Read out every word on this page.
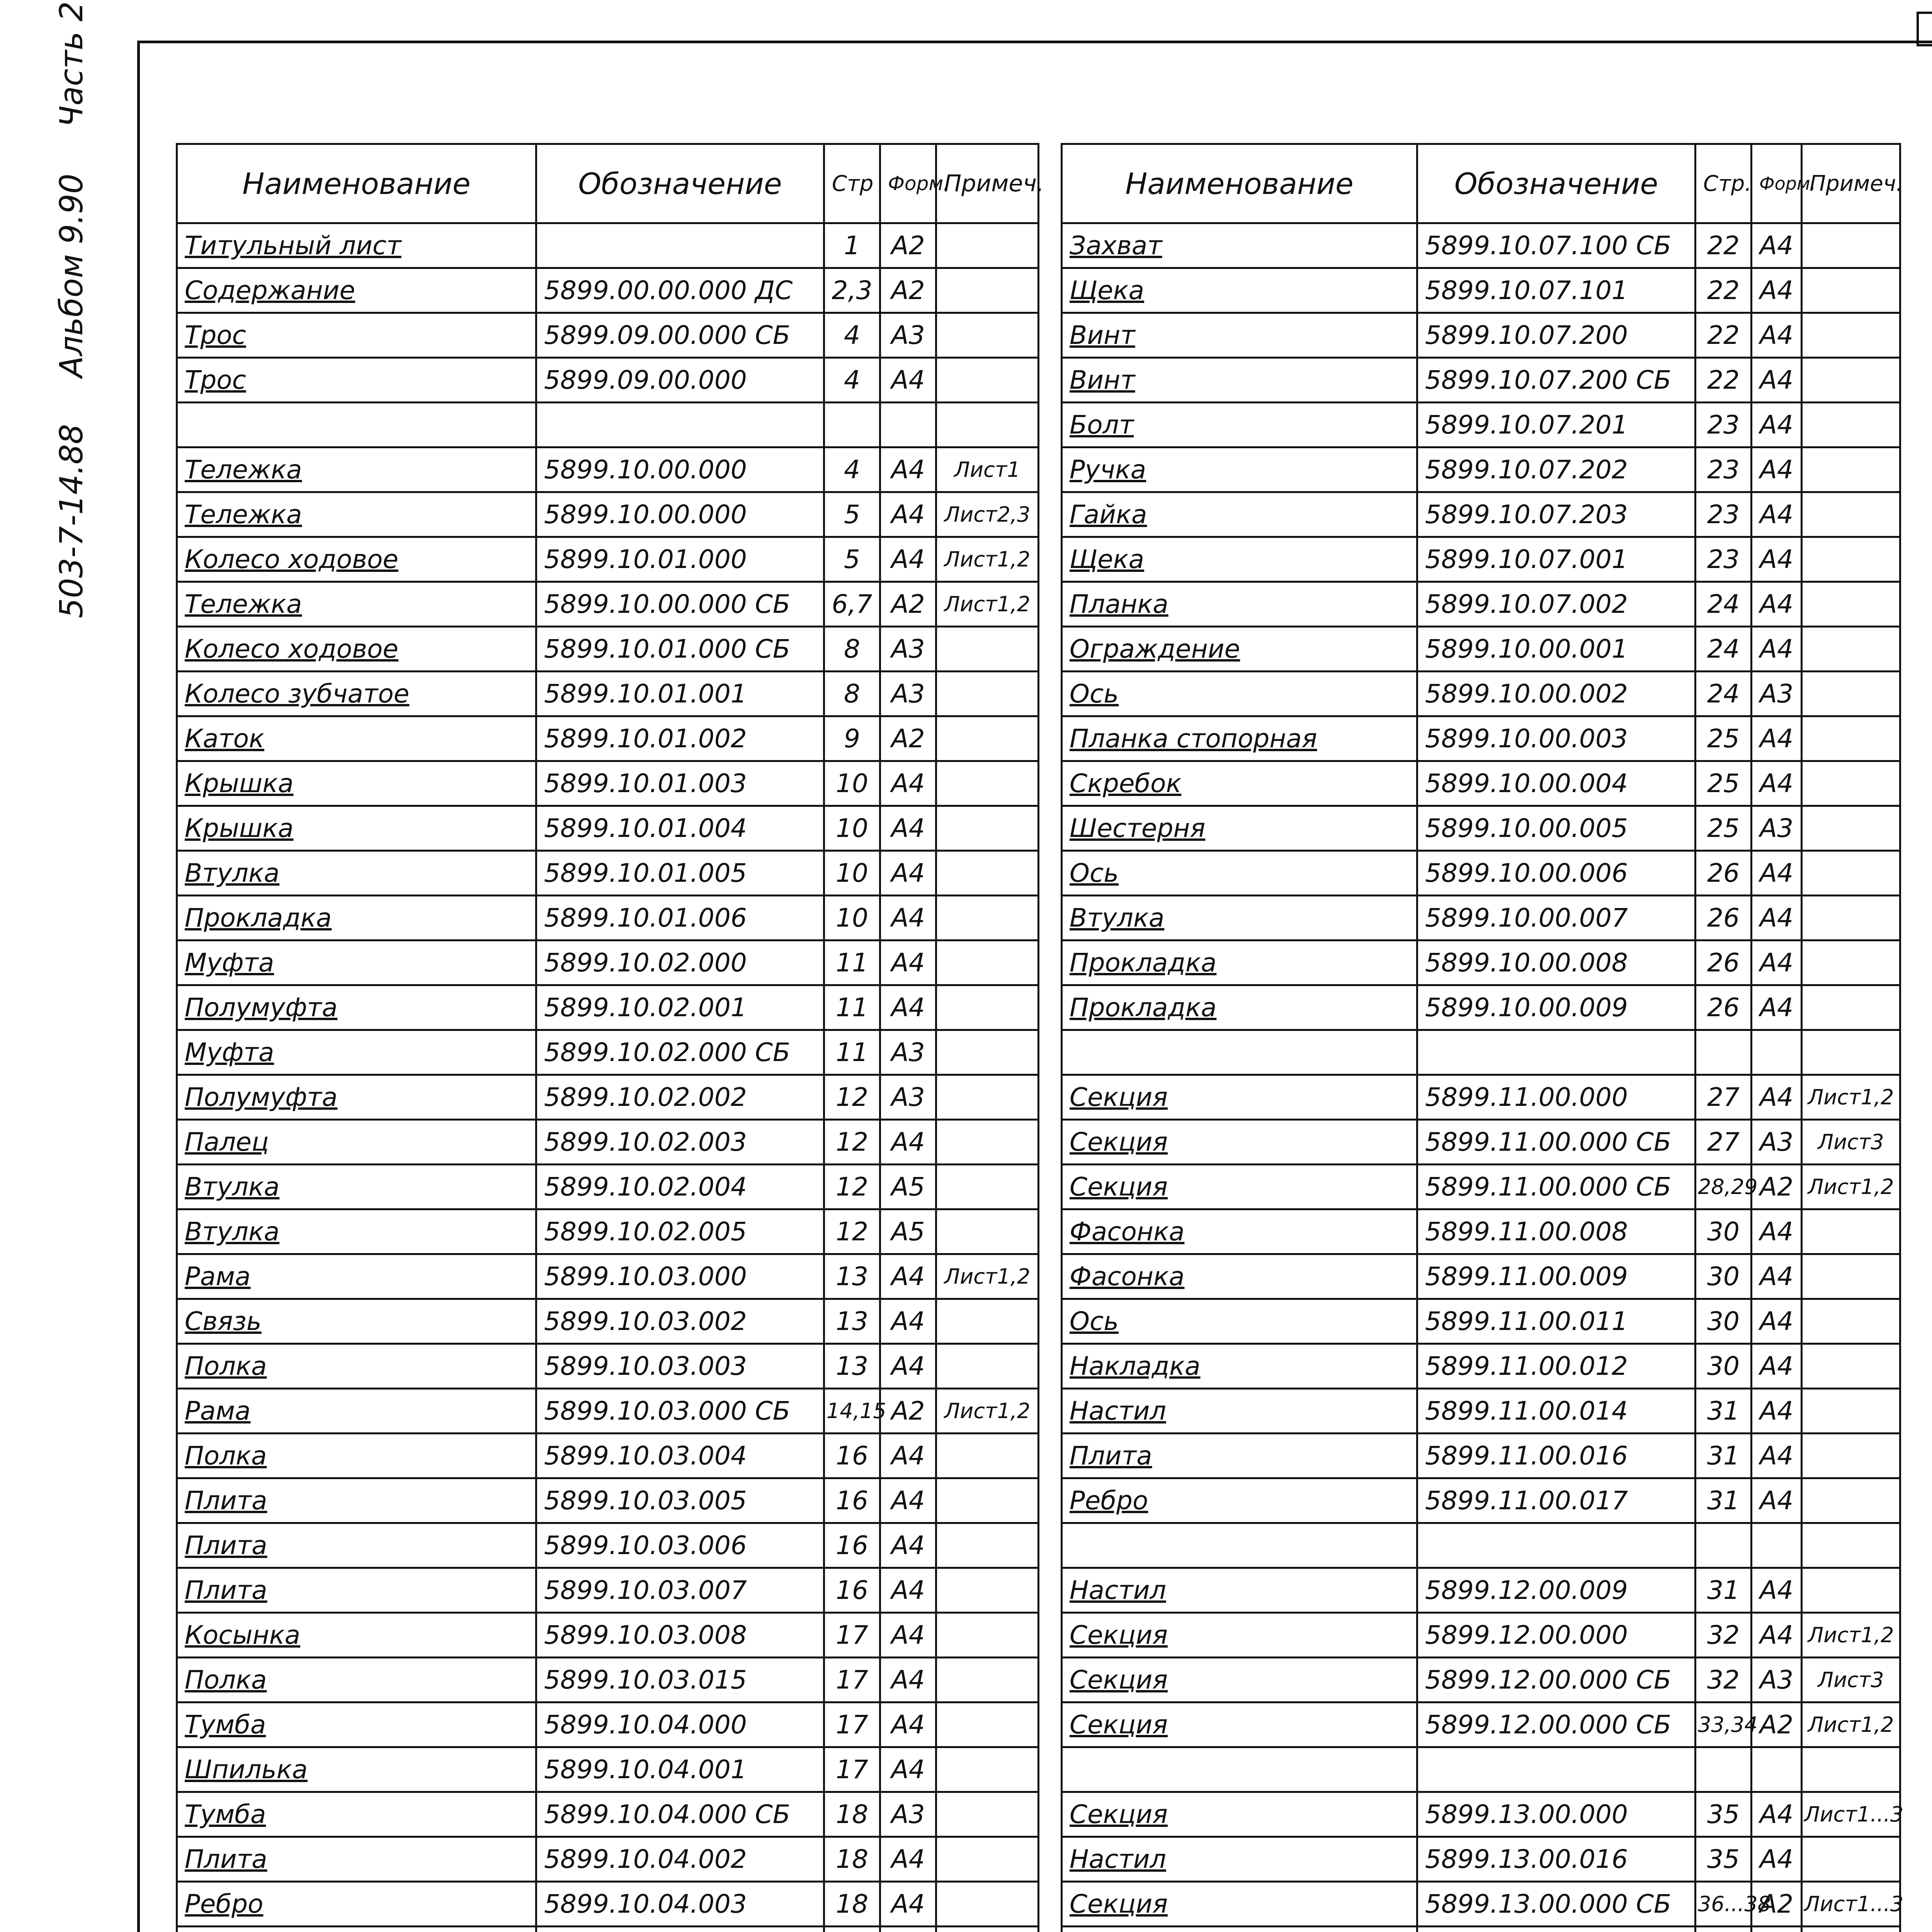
503-7-14.88
Альбом 9.90
Часть 2
Наименование	Обозначение	Стр	Форм.	Примеч.
Титульный лист		1	А2	
Содержание	5899.00.00.000 ДС	2,3	А2	
Трос	5899.09.00.000 СБ	4	А3	
Трос	5899.09.00.000	4	А4	

Тележка	5899.10.00.000	4	А4	Лист1
Тележка	5899.10.00.000	5	А4	Лист2,3
Колесо ходовое	5899.10.01.000	5	А4	Лист1,2
Тележка	5899.10.00.000 СБ	6,7	А2	Лист1,2
Колесо ходовое	5899.10.01.000 СБ	8	А3	
Колесо зубчатое	5899.10.01.001	8	А3	
Каток	5899.10.01.002	9	А2	
Крышка	5899.10.01.003	10	А4	
Крышка	5899.10.01.004	10	А4	
Втулка	5899.10.01.005	10	А4	
Прокладка	5899.10.01.006	10	А4	
Муфта	5899.10.02.000	11	А4	
Полумуфта	5899.10.02.001	11	А4	
Муфта	5899.10.02.000 СБ	11	А3	
Полумуфта	5899.10.02.002	12	А3	
Палец	5899.10.02.003	12	А4	
Втулка	5899.10.02.004	12	А5	
Втулка	5899.10.02.005	12	А5	
Рама	5899.10.03.000	13	А4	Лист1,2
Связь	5899.10.03.002	13	А4	
Полка	5899.10.03.003	13	А4	
Рама	5899.10.03.000 СБ	14,15	А2	Лист1,2
Полка	5899.10.03.004	16	А4	
Плита	5899.10.03.005	16	А4	
Плита	5899.10.03.006	16	А4	
Плита	5899.10.03.007	16	А4	
Косынка	5899.10.03.008	17	А4	
Полка	5899.10.03.015	17	А4	
Тумба	5899.10.04.000	17	А4	
Шпилька	5899.10.04.001	17	А4	
Тумба	5899.10.04.000 СБ	18	А3	
Плита	5899.10.04.002	18	А4	
Ребро	5899.10.04.003	18	А4	

Наименование	Обозначение	Стр.	Форм.	Примеч.
Захват	5899.10.07.100 СБ	22	А4	
Щека	5899.10.07.101	22	А4	
Винт	5899.10.07.200	22	А4	
Винт	5899.10.07.200 СБ	22	А4	
Болт	5899.10.07.201	23	А4	
Ручка	5899.10.07.202	23	А4	
Гайка	5899.10.07.203	23	А4	
Щека	5899.10.07.001	23	А4	
Планка	5899.10.07.002	24	А4	
Ограждение	5899.10.00.001	24	А4	
Ось	5899.10.00.002	24	А3	
Планка стопорная	5899.10.00.003	25	А4	
Скребок	5899.10.00.004	25	А4	
Шестерня	5899.10.00.005	25	А3	
Ось	5899.10.00.006	26	А4	
Втулка	5899.10.00.007	26	А4	
Прокладка	5899.10.00.008	26	А4	
Прокладка	5899.10.00.009	26	А4	

Секция	5899.11.00.000	27	А4	Лист1,2
Секция	5899.11.00.000 СБ	27	А3	Лист3
Секция	5899.11.00.000 СБ	28,29	А2	Лист1,2
Фасонка	5899.11.00.008	30	А4	
Фасонка	5899.11.00.009	30	А4	
Ось	5899.11.00.011	30	А4	
Накладка	5899.11.00.012	30	А4	
Настил	5899.11.00.014	31	А4	
Плита	5899.11.00.016	31	А4	
Ребро	5899.11.00.017	31	А4	

Настил	5899.12.00.009	31	А4	
Секция	5899.12.00.000	32	А4	Лист1,2
Секция	5899.12.00.000 СБ	32	А3	Лист3
Секция	5899.12.00.000 СБ	33,34	А2	Лист1,2

Секция	5899.13.00.000	35	А4	Лист1...3
Настил	5899.13.00.016	35	А4	
Секция	5899.13.00.000 СБ	36...38	А2	Лист1...3
